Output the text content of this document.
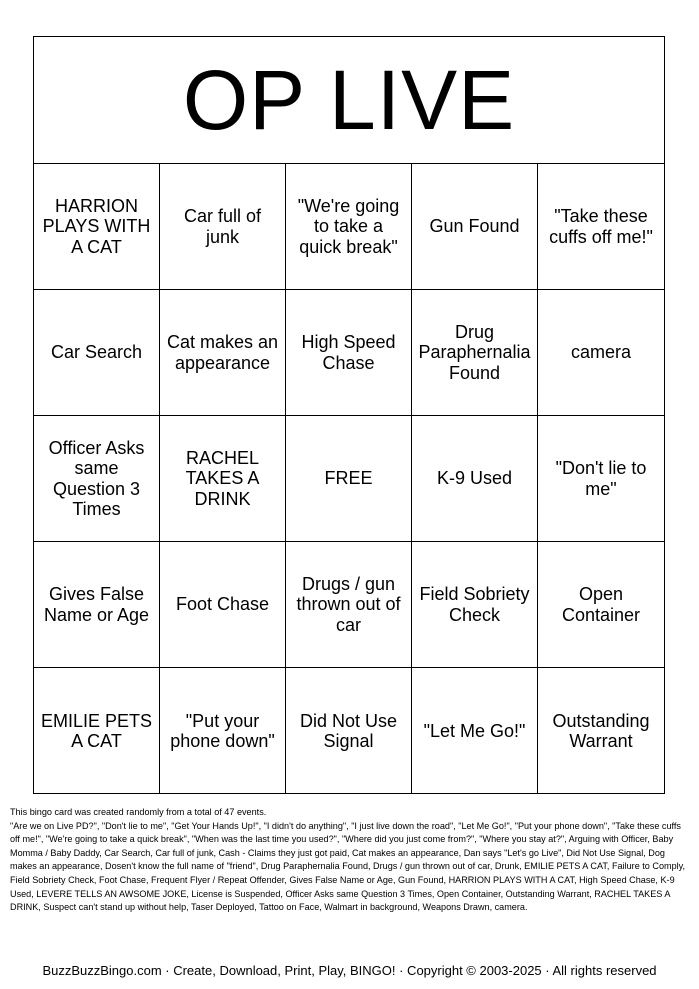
OP LIVE
HARRION PLAYS WITH A CAT
Car full of junk
"We're going to take a quick break"
Gun Found
"Take these cuffs off me!"
Car Search
Cat makes an appearance
High Speed Chase
Drug Paraphernalia Found
camera
Officer Asks same Question 3 Times
RACHEL TAKES A DRINK
FREE	K-9 Used
"Don't lie to me"
Gives False Name or Age
Foot Chase
Drugs / gun thrown out of car
Field Sobriety Check
Open Container
EMILIE PETS A CAT
"Put your phone down"
Did Not Use Signal
"Let Me Go!"
Outstanding Warrant

This bingo card was created randomly from a total of 47 events.

"Are we on Live PD?", "Don't lie to me", "Get Your Hands Up!", "I didn't do anything", "I just live down the road", "Let Me Go!", "Put your phone down", "Take these cuffs off me!", "We're going to take a quick break", "When was the last time you used?", "Where did you just come from?", "Where you stay at?", Arguing with Officer, Baby Momma / Baby Daddy, Car Search, Car full of junk, Cash - Claims they just got paid, Cat makes an appearance, Dan says "Let's go Live", Did Not Use Signal, Dog makes an appearance, Dosen't know the full name of "friend", Drug Paraphernalia Found, Drugs / gun thrown out of car, Drunk, EMILIE PETS A CAT, Failure to Comply, Field Sobriety Check, Foot Chase, Frequent Flyer / Repeat Offender, Gives False Name or Age, Gun Found, HARRION PLAYS WITH A CAT, High Speed Chase, K-9 Used, LEVERE TELLS AN AWSOME JOKE, License is Suspended, Officer Asks same Question 3 Times, Open Container, Outstanding Warrant, RACHEL TAKES A DRINK, Suspect can't stand up without help, Taser Deployed, Tattoo on Face, Walmart in background, Weapons Drawn, camera.

BuzzBuzzBingo.com · Create, Download, Print, Play, BINGO! · Copyright © 2003-2025 · All rights reserved
